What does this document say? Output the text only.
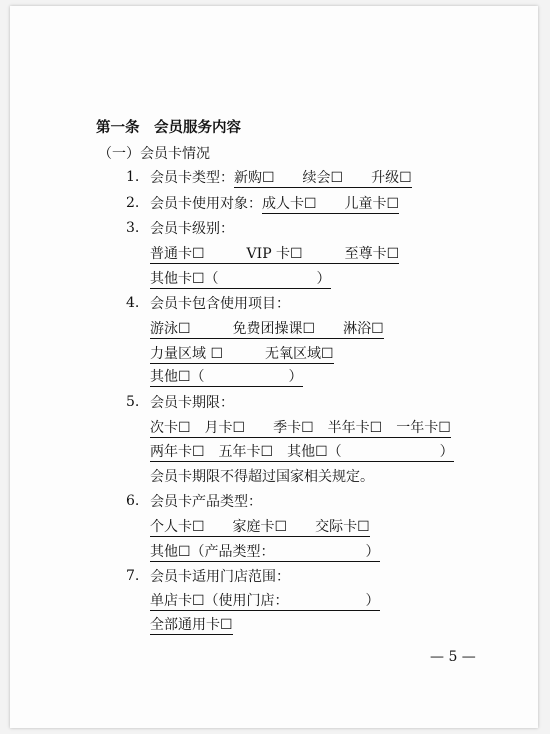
第一条　会员服务内容
（一）会员卡情况
1. 会员卡类型：新购☐　　续会☐　　升级☐
2. 会员卡使用对象：成人卡☐　　儿童卡☐
3. 会员卡级别：
普通卡☐　　　VIP 卡☐　　　至尊卡☐
其他卡☐（　　　　　　　）
4. 会员卡包含使用项目：
游泳☐　　　免费团操课☐　　淋浴☐
力量区域 ☐　　　无氧区域☐
其他☐（　　　　　　）
5. 会员卡期限：
次卡☐　月卡☐　　季卡☐　半年卡☐　一年卡☐
两年卡☐　五年卡☐　其他☐（　　　　　　　）
会员卡期限不得超过国家相关规定。
6. 会员卡产品类型：
个人卡☐　　家庭卡☐　　交际卡☐
其他☐（产品类型：　　　　　　　）
7. 会员卡适用门店范围：
单店卡☐（使用门店：　　　　　　）
全部通用卡☐
— 5 —
